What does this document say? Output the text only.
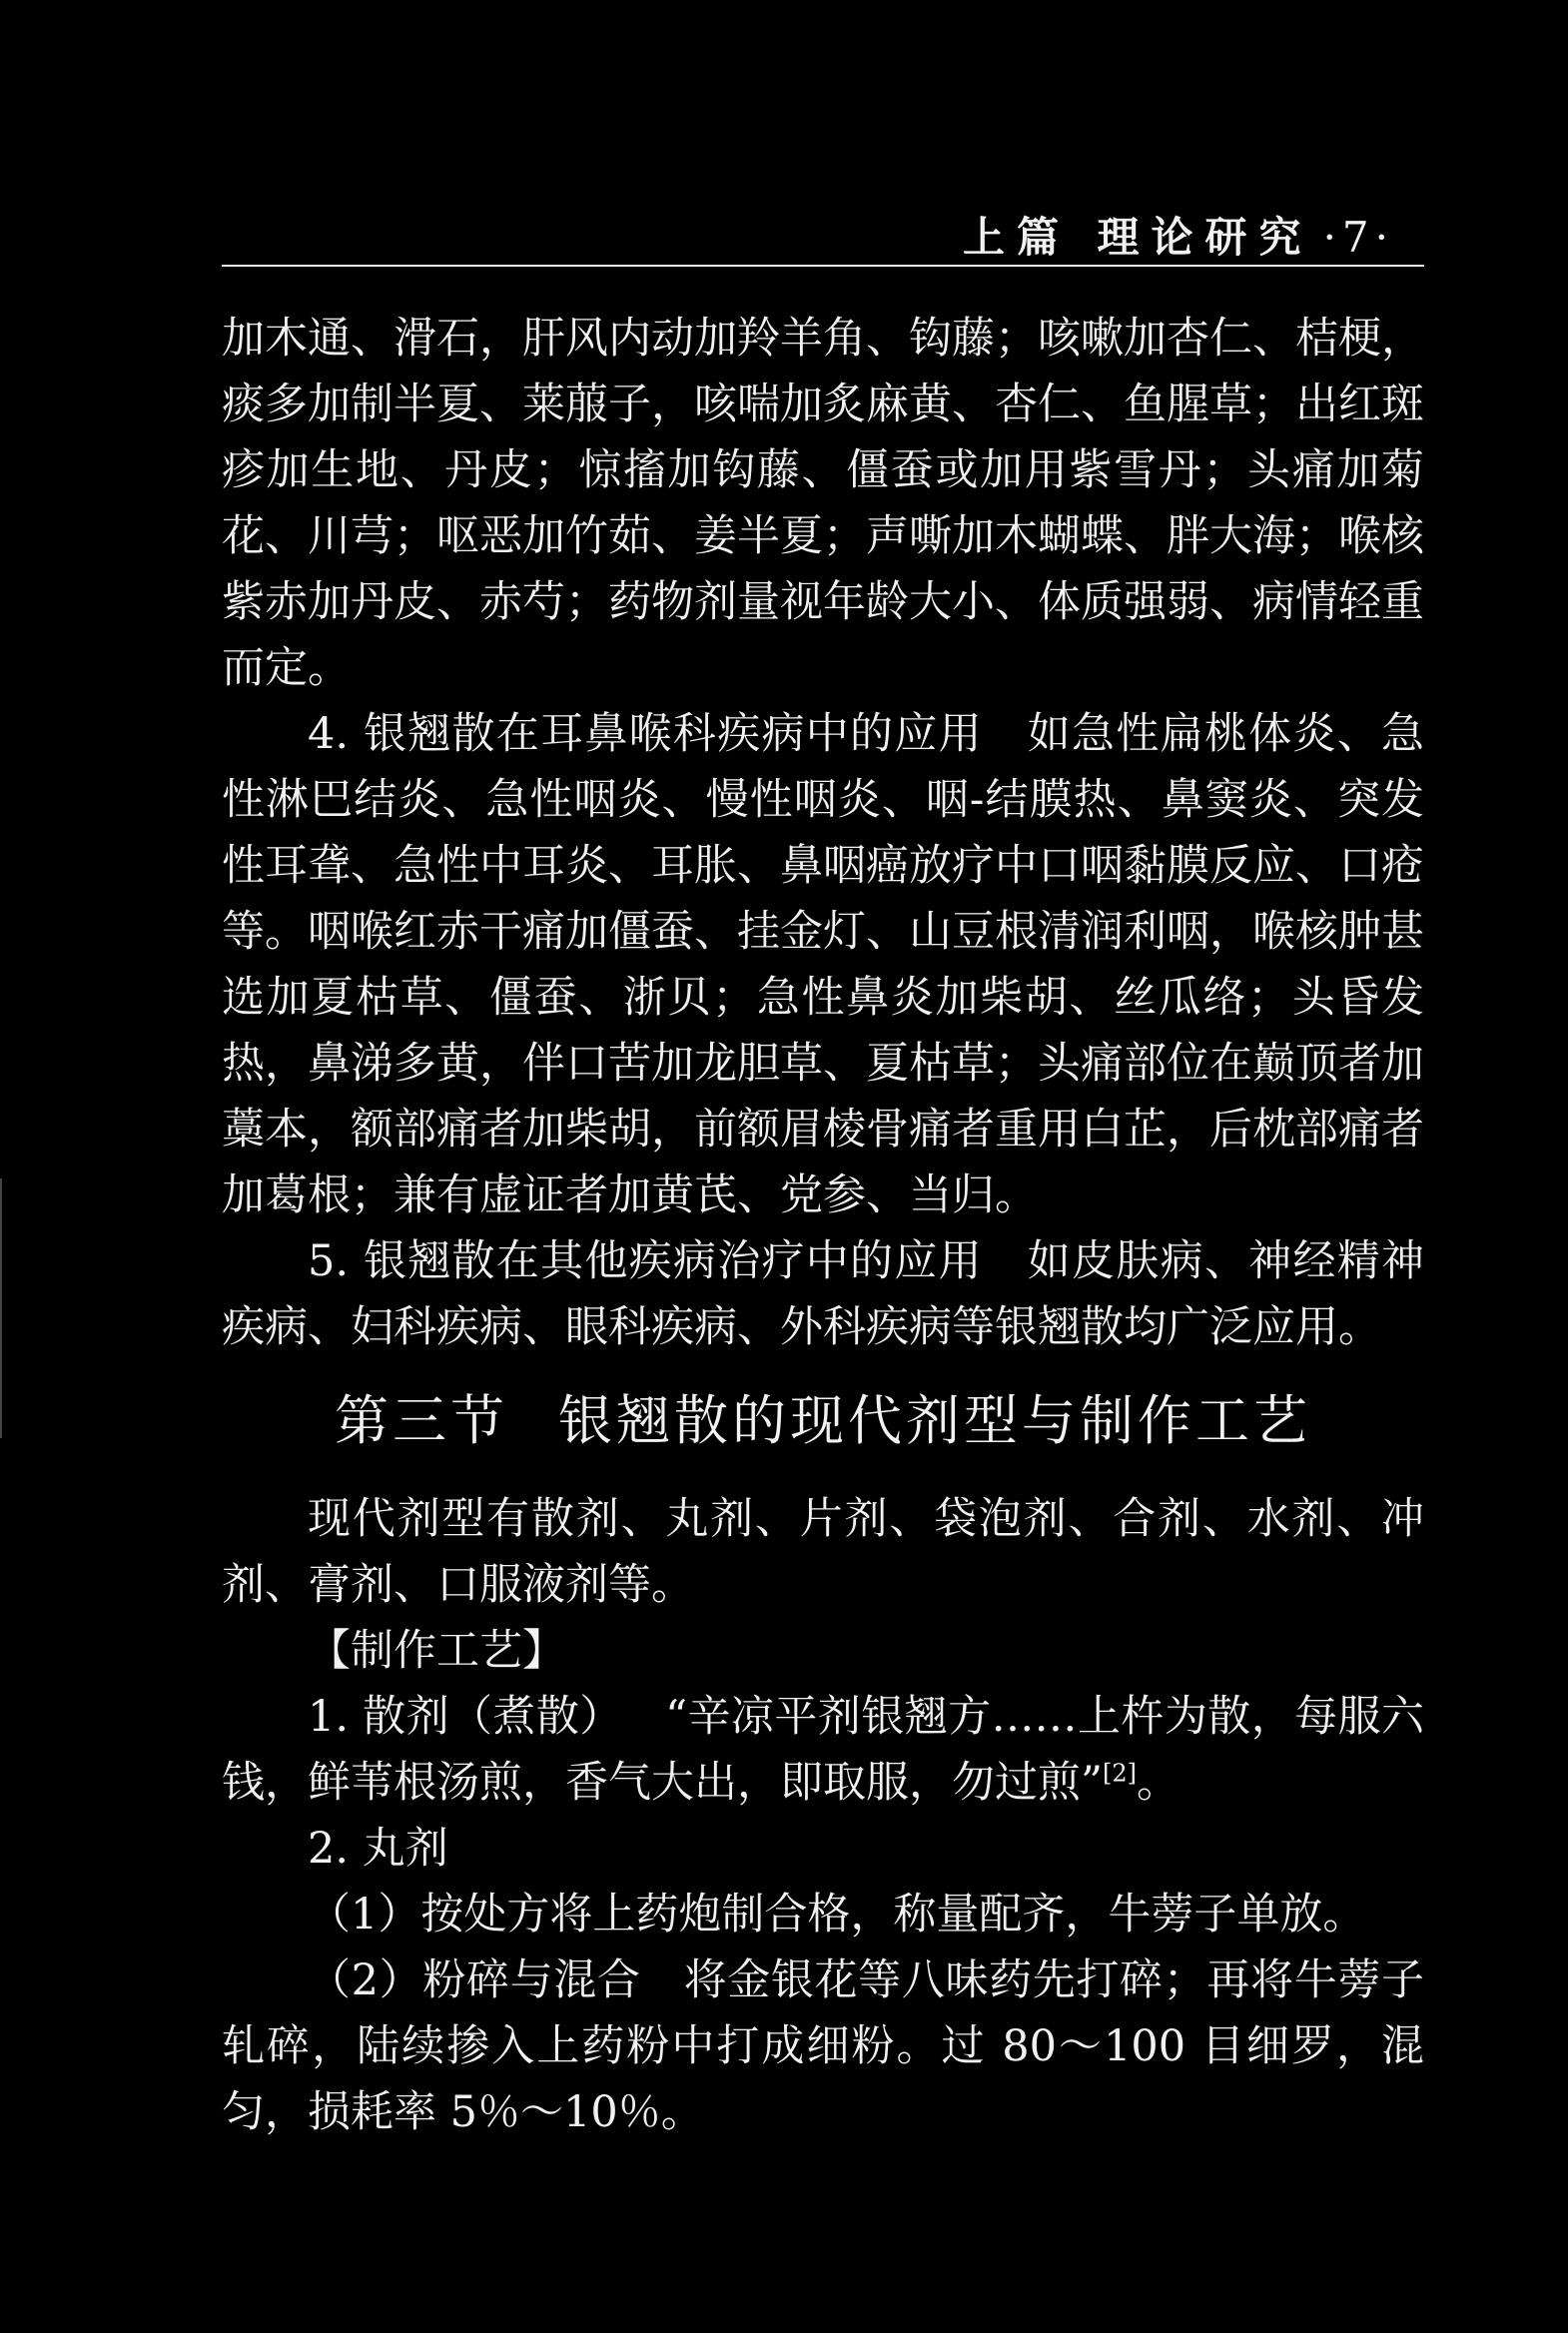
上篇 理论研究 ·7·

加木通、滑石，肝风内动加羚羊角、钩藤；咳嗽加杏仁、桔梗，痰多加制半夏、莱菔子，咳喘加炙麻黄、杏仁、鱼腥草；出红斑疹加生地、丹皮；惊搐加钩藤、僵蚕或加用紫雪丹；头痛加菊花、川芎；呕恶加竹茹、姜半夏；声嘶加木蝴蝶、胖大海；喉核紫赤加丹皮、赤芍；药物剂量视年龄大小、体质强弱、病情轻重而定。

4. 银翘散在耳鼻喉科疾病中的应用 如急性扁桃体炎、急性淋巴结炎、急性咽炎、慢性咽炎、咽-结膜热、鼻窦炎、突发性耳聋、急性中耳炎、耳胀、鼻咽癌放疗中口咽黏膜反应、口疮等。咽喉红赤干痛加僵蚕、挂金灯、山豆根清润利咽，喉核肿甚选加夏枯草、僵蚕、浙贝；急性鼻炎加柴胡、丝瓜络；头昏发热，鼻涕多黄，伴口苦加龙胆草、夏枯草；头痛部位在巅顶者加藁本，额部痛者加柴胡，前额眉棱骨痛者重用白芷，后枕部痛者加葛根；兼有虚证者加黄芪、党参、当归。

5. 银翘散在其他疾病治疗中的应用 如皮肤病、神经精神疾病、妇科疾病、眼科疾病、外科疾病等银翘散均广泛应用。

第三节 银翘散的现代剂型与制作工艺

现代剂型有散剂、丸剂、片剂、袋泡剂、合剂、水剂、冲剂、膏剂、口服液剂等。

【制作工艺】

1. 散剂（煮散） “辛凉平剂银翘方……上杵为散，每服六钱，鲜苇根汤煎，香气大出，即取服，勿过煎”[2]。

2. 丸剂

（1）按处方将上药炮制合格，称量配齐，牛蒡子单放。

（2）粉碎与混合 将金银花等八味药先打碎；再将牛蒡子轧碎，陆续掺入上药粉中打成细粉。过 80～100 目细罗，混匀，损耗率 5％～10％。
